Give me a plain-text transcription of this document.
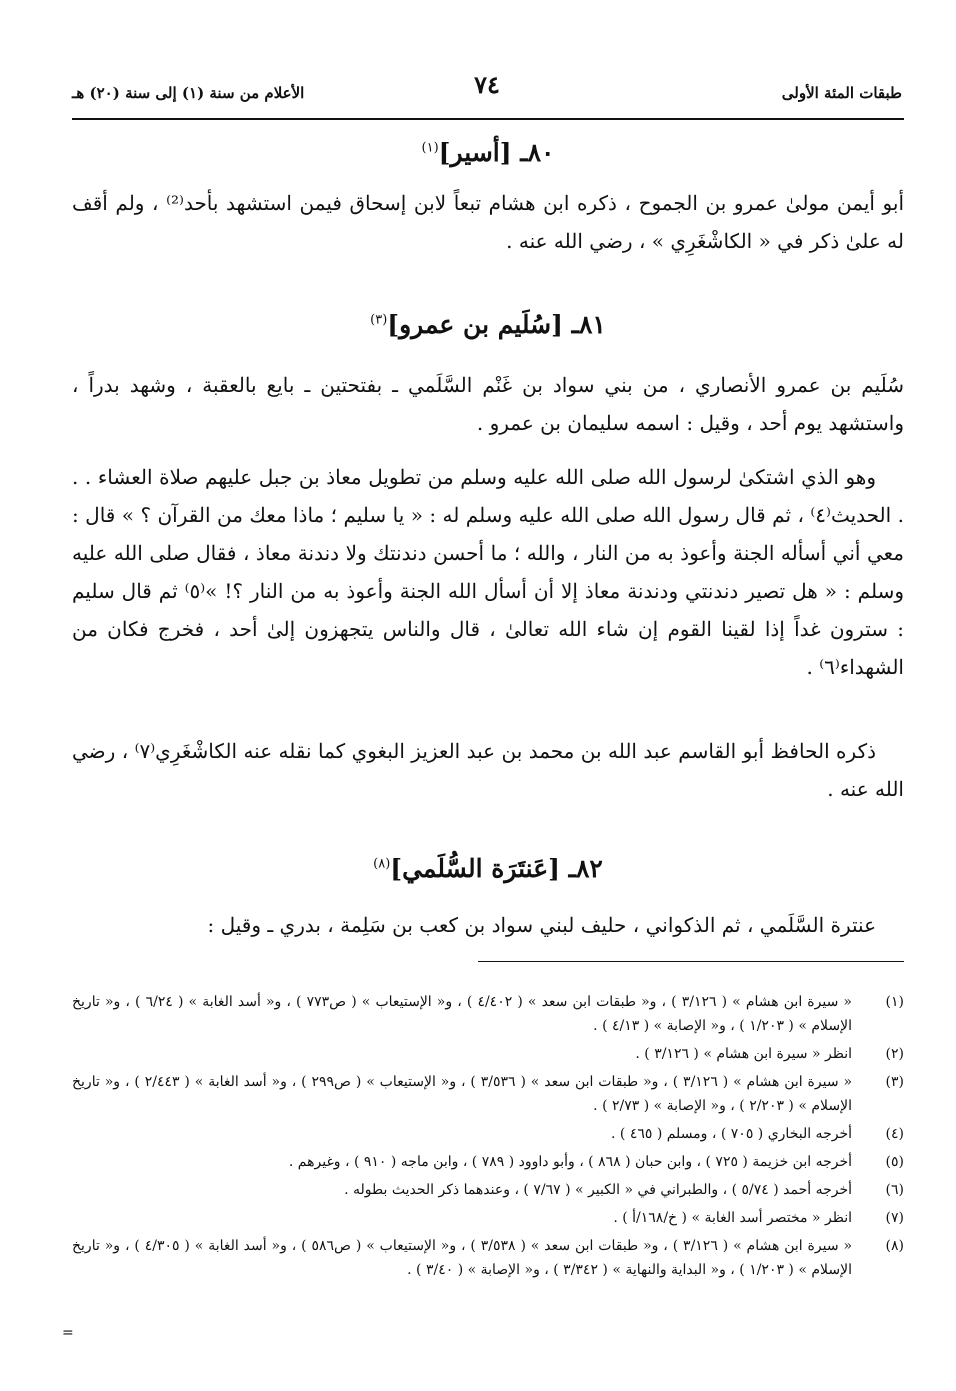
طبقات المئة الأولى
٧٤
الأعلام من سنة (١) إلى سنة (٢٠) هـ
٨٠ـ [أسير]$^{(١)}$

أبو أيمن مولىٰ عمرو بن الجموح ، ذكره ابن هشام تبعاً لابن إسحاق فيمن استشهد بأحد⁽²⁾ ، ولم أقف له علىٰ ذكر في « الكاشْغَرِي » ، رضي الله عنه .

٨١ـ [سُلَيم بن عمرو]$^{(٣)}$

سُلَيم بن عمرو الأنصاري ، من بني سواد بن غَنْم السَّلَمي ـ بفتحتين ـ بايع بالعقبة ، وشهد بدراً ، واستشهد يوم أحد ، وقيل : اسمه سليمان بن عمرو .

وهو الذي اشتكىٰ لرسول الله صلى الله عليه وسلم من تطويل معاذ بن جبل عليهم صلاة العشاء . . . الحديث⁽٤⁾ ، ثم قال رسول الله صلى الله عليه وسلم له : « يا سليم ؛ ماذا معك من القرآن ؟ » قال : معي أني أسأله الجنة وأعوذ به من النار ، والله ؛ ما أحسن دندنتك ولا دندنة معاذ ، فقال صلى الله عليه وسلم : « هل تصير دندنتي ودندنة معاذ إلا أن أسأل الله الجنة وأعوذ به من النار ؟! »⁽٥⁾ ثم قال سليم : سترون غداً إذا لقينا القوم إن شاء الله تعالىٰ ، قال والناس يتجهزون إلىٰ أحد ، فخرج فكان من الشهداء⁽٦⁾ .

ذكره الحافظ أبو القاسم عبد الله بن محمد بن عبد العزيز البغوي كما نقله عنه الكاشْغَرِي⁽٧⁾ ، رضي الله عنه .

٨٢ـ [عَنتَرَة السُّلَمي]$^{(٨)}$

عنترة السَّلَمي ، ثم الذكواني ، حليف لبني سواد بن كعب بن سَلِمة ، بدري ـ وقيل :

(١)
« سيرة ابن هشام » ( ٣/١٢٦ ) ، و« طبقات ابن سعد » ( ٤/٤٠٢ ) ، و« الإستيعاب » ( ص٧٧٣ ) ، و« أسد الغابة » ( ٦/٢٤ ) ، و« تاريخ الإسلام » ( ١/٢٠٣ ) ، و« الإصابة » ( ٤/١٣ ) .
(٢)
انظر « سيرة ابن هشام » ( ٣/١٢٦ ) .
(٣)
« سيرة ابن هشام » ( ٣/١٢٦ ) ، و« طبقات ابن سعد » ( ٣/٥٣٦ ) ، و« الإستيعاب » ( ص٢٩٩ ) ، و« أسد الغابة » ( ٢/٤٤٣ ) ، و« تاريخ الإسلام » ( ٢/٢٠٣ ) ، و« الإصابة » ( ٢/٧٣ ) .
(٤)
أخرجه البخاري ( ٧٠٥ ) ، ومسلم ( ٤٦٥ ) .
(٥)
أخرجه ابن خزيمة ( ٧٢٥ ) ، وابن حبان ( ٨٦٨ ) ، وأبو داوود ( ٧٨٩ ) ، وابن ماجه ( ٩١٠ ) ، وغيرهم .
(٦)
أخرجه أحمد ( ٥/٧٤ ) ، والطبراني في « الكبير » ( ٧/٦٧ ) ، وعندهما ذكر الحديث بطوله .
(٧)
انظر « مختصر أسد الغابة » ( خ/١٦٨/أ ) .
(٨)
« سيرة ابن هشام » ( ٣/١٢٦ ) ، و« طبقات ابن سعد » ( ٣/٥٣٨ ) ، و« الإستيعاب » ( ص٥٨٦ ) ، و« أسد الغابة » ( ٤/٣٠٥ ) ، و« تاريخ الإسلام » ( ١/٢٠٣ ) ، و« البداية والنهاية » ( ٣/٣٤٢ ) ، و« الإصابة » ( ٣/٤٠ ) .
=
